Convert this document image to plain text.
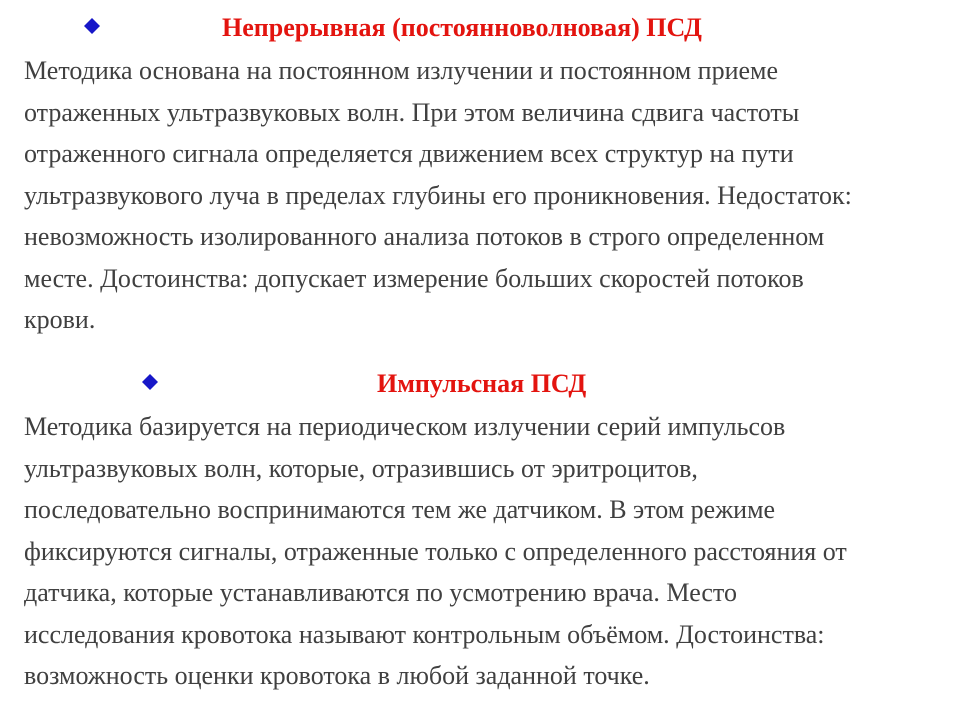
Непрерывная (постоянноволновая) ПСД
Методика основана на постоянном излучении и постоянном приеме
отраженных ультразвуковых волн. При этом величина сдвига частоты
отраженного сигнала определяется движением всех структур на пути
ультразвукового луча в пределах глубины его проникновения. Недостаток:
невозможность изолированного анализа потоков в строго определенном
месте. Достоинства: допускает измерение больших скоростей потоков
крови.
Импульсная ПСД
Методика базируется на периодическом излучении серий импульсов
ультразвуковых волн, которые, отразившись от эритроцитов,
последовательно воспринимаются тем же датчиком. В этом режиме
фиксируются сигналы, отраженные только с определенного расстояния от
датчика, которые устанавливаются по усмотрению врача. Место
исследования кровотока называют контрольным объёмом. Достоинства:
возможность оценки кровотока в любой заданной точке.
